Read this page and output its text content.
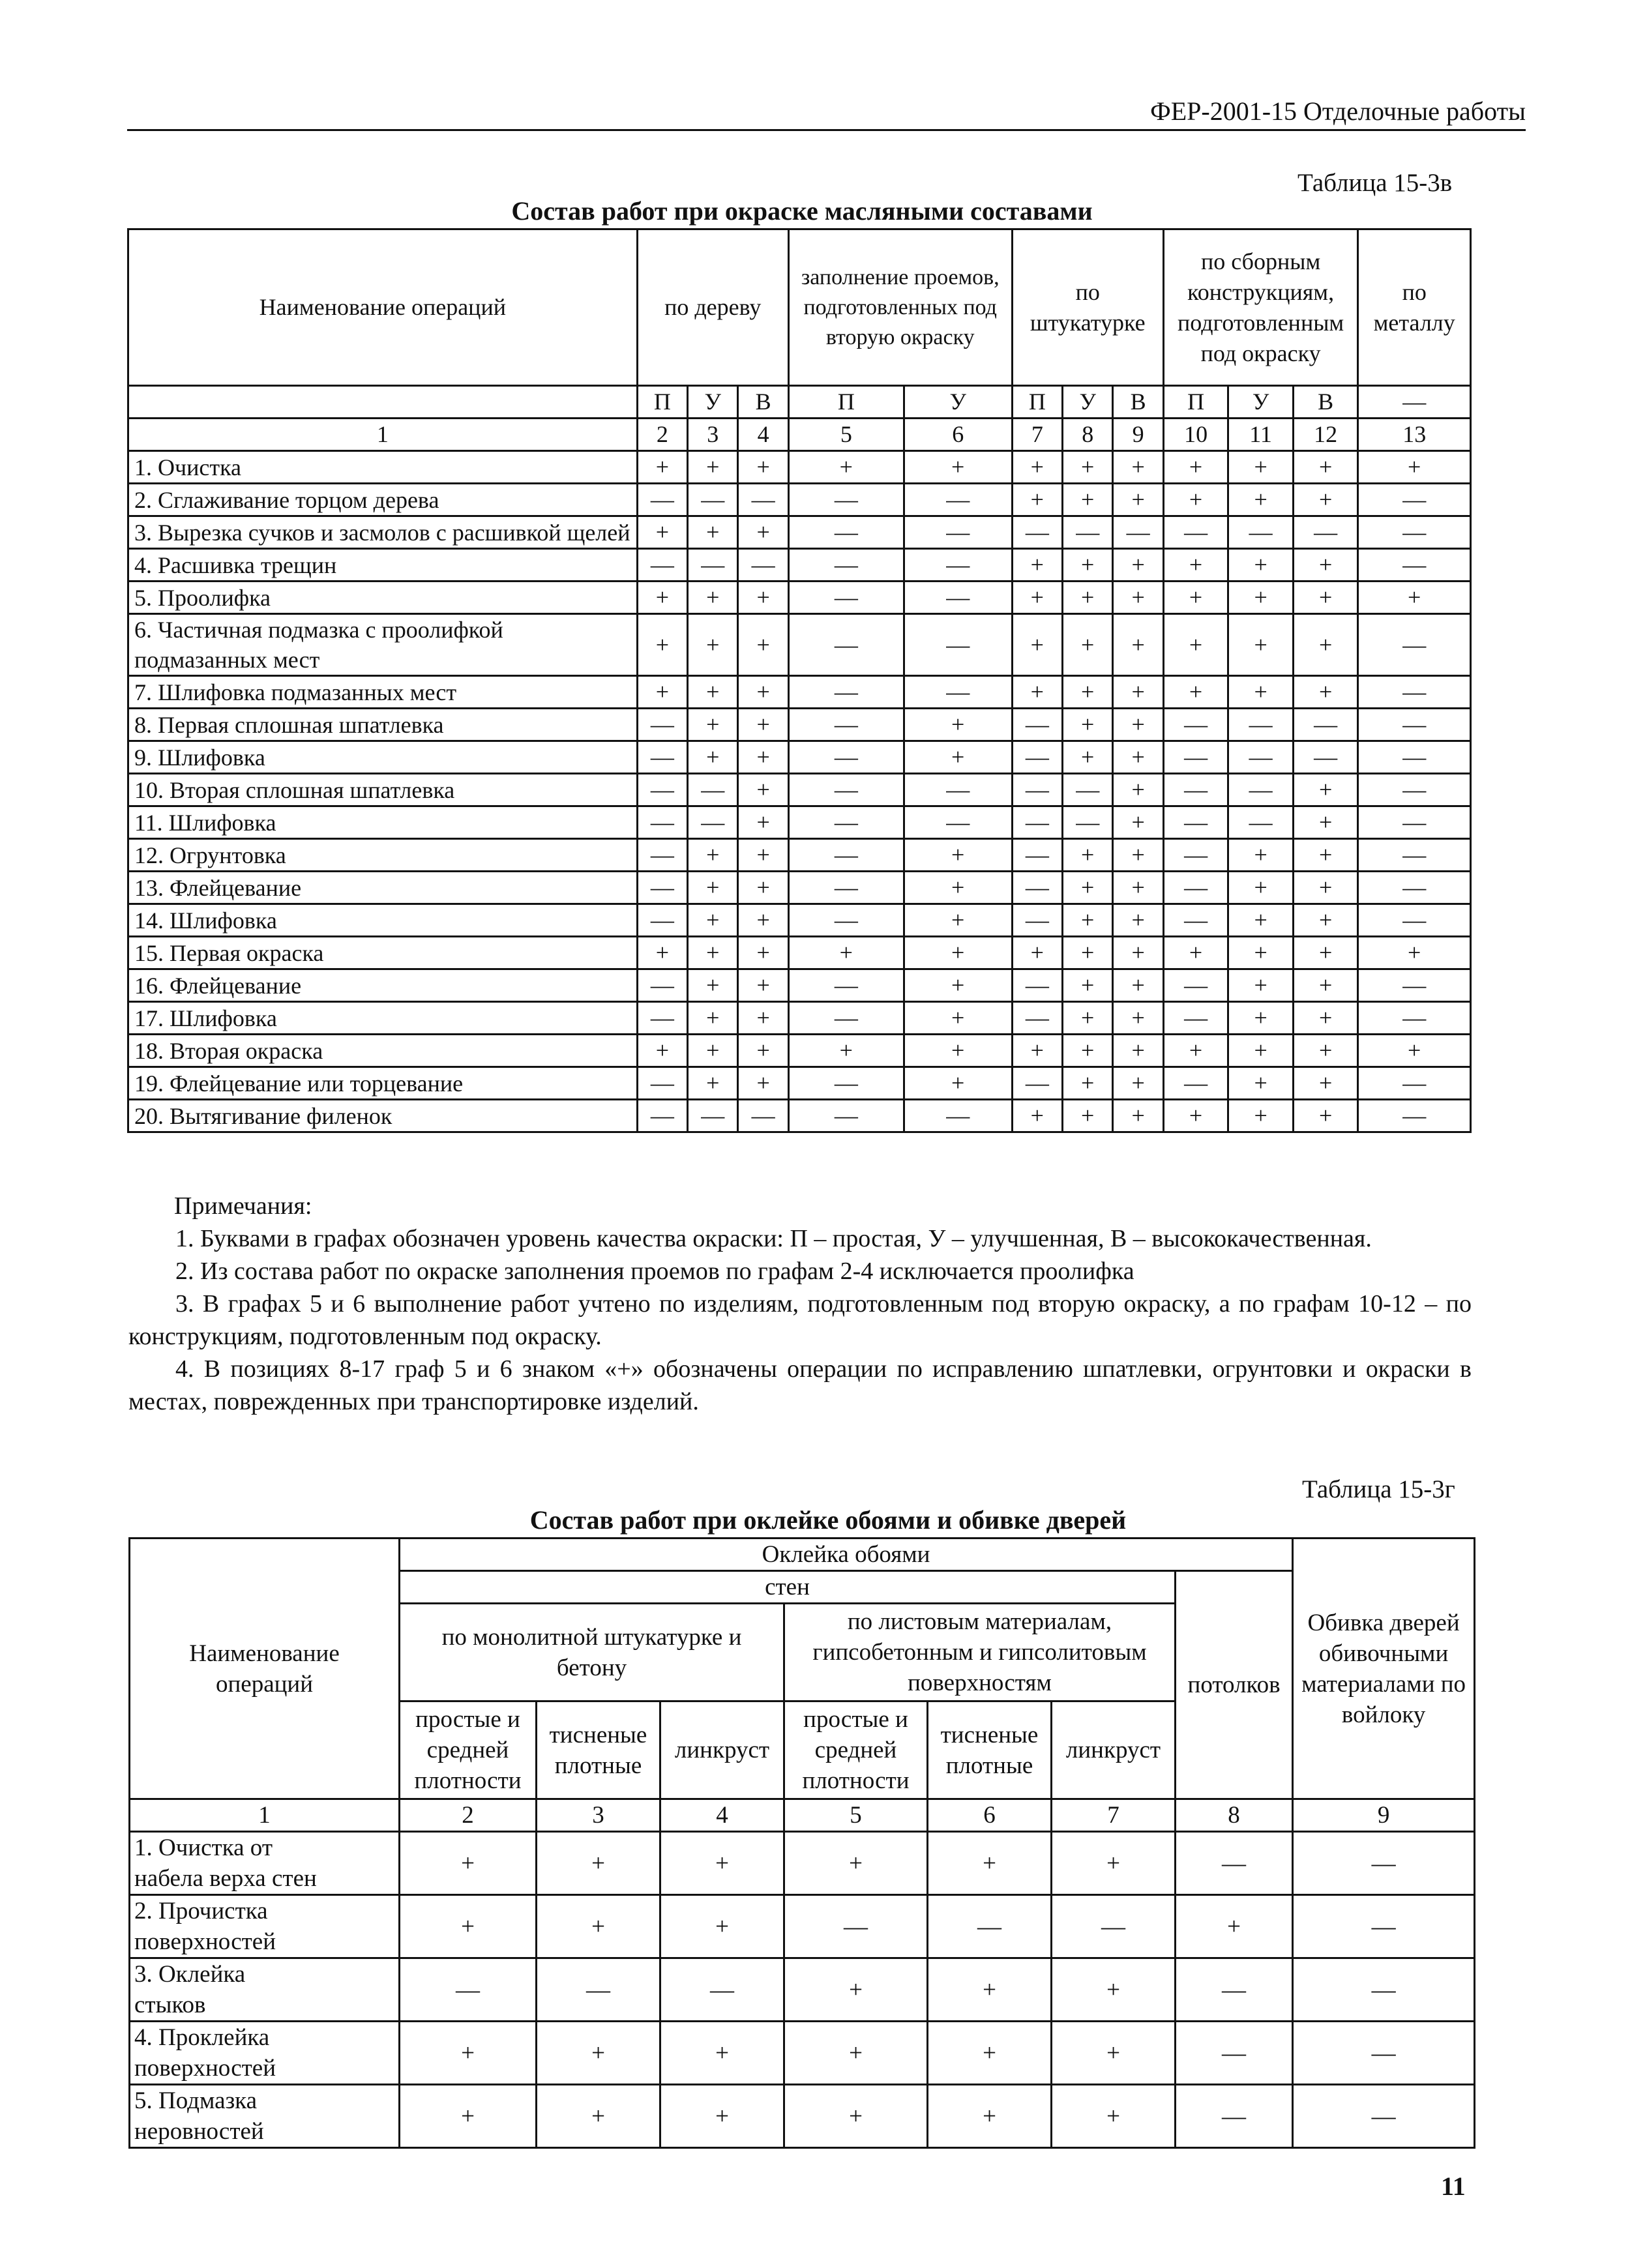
ФЕР-2001-15 Отделочные работы
Таблица 15-3в
Состав работ при окраске масляными составами
Наименование операций	по дереву			заполнение проемов, подготовленных под вторую окраску		по штукатурке			по сборным конструкциям, подготовленным под окраску			по металлу
	П	У	В	П	У	П	У	В	П	У	В	—
1	2	3	4	5	6	7	8	9	10	11	12	13
1. Очистка	+	+	+	+	+	+	+	+	+	+	+	+
2. Сглаживание торцом дерева	—	—	—	—	—	+	+	+	+	+	+	—
3. Вырезка сучков и засмолов с расшивкой щелей	+	+	+	—	—	—	—	—	—	—	—	—
4. Расшивка трещин	—	—	—	—	—	+	+	+	+	+	+	—
5. Проолифка	+	+	+	—	—	+	+	+	+	+	+	+
6. Частичная подмазка с проолифкой подмазанных мест	+	+	+	—	—	+	+	+	+	+	+	—
7. Шлифовка подмазанных мест	+	+	+	—	—	+	+	+	+	+	+	—
8. Первая сплошная шпатлевка	—	+	+	—	+	—	+	+	—	—	—	—
9. Шлифовка	—	+	+	—	+	—	+	+	—	—	—	—
10. Вторая сплошная шпатлевка	—	—	+	—	—	—	—	+	—	—	+	—
11. Шлифовка	—	—	+	—	—	—	—	+	—	—	+	—
12. Огрунтовка	—	+	+	—	+	—	+	+	—	+	+	—
13. Флейцевание	—	+	+	—	+	—	+	+	—	+	+	—
14. Шлифовка	—	+	+	—	+	—	+	+	—	+	+	—
15. Первая окраска	+	+	+	+	+	+	+	+	+	+	+	+
16. Флейцевание	—	+	+	—	+	—	+	+	—	+	+	—
17. Шлифовка	—	+	+	—	+	—	+	+	—	+	+	—
18. Вторая окраска	+	+	+	+	+	+	+	+	+	+	+	+
19. Флейцевание или торцевание	—	+	+	—	+	—	+	+	—	+	+	—
20. Вытягивание филенок	—	—	—	—	—	+	+	+	+	+	+	—

Примечания:

1. Буквами в графах обозначен уровень качества окраски: П – простая, У – улучшенная, В – высококачественная.

2. Из состава работ по окраске заполнения проемов по графам 2-4 исключается проолифка

3. В графах 5 и 6 выполнение работ учтено по изделиям, подготовленным под вторую окраску, а по графам 10-12 – по конструкциям, подготовленным под окраску.

4. В позициях 8-17 граф 5 и 6 знаком «+» обозначены операции по исправлению шпатлевки, огрунтовки и окраски в местах, поврежденных при транспортировке изделий.

Таблица 15-3г
Состав работ при оклейке обоями и обивке дверей
Наименование операций	Оклейка обоями							Обивка дверей обивочными материалами по войлоку
	стен						потолков	
	по монолитной штукатурке и бетону			по листовым материалам, гипсобетонным и гипсолитовым поверхностям				
	простые и средней плотности	тисненые плотные	линкруст	простые и средней плотности	тисненые плотные	линкруст		
1	2	3	4	5	6	7	8	9
1. Очистка от набела верха стен	+	+	+	+	+	+	—	—
2. Прочистка поверхностей	+	+	+	—	—	—	+	—
3. Оклейка стыков	—	—	—	+	+	+	—	—
4. Проклейка поверхностей	+	+	+	+	+	+	—	—
5. Подмазка неровностей	+	+	+	+	+	+	—	—
11
